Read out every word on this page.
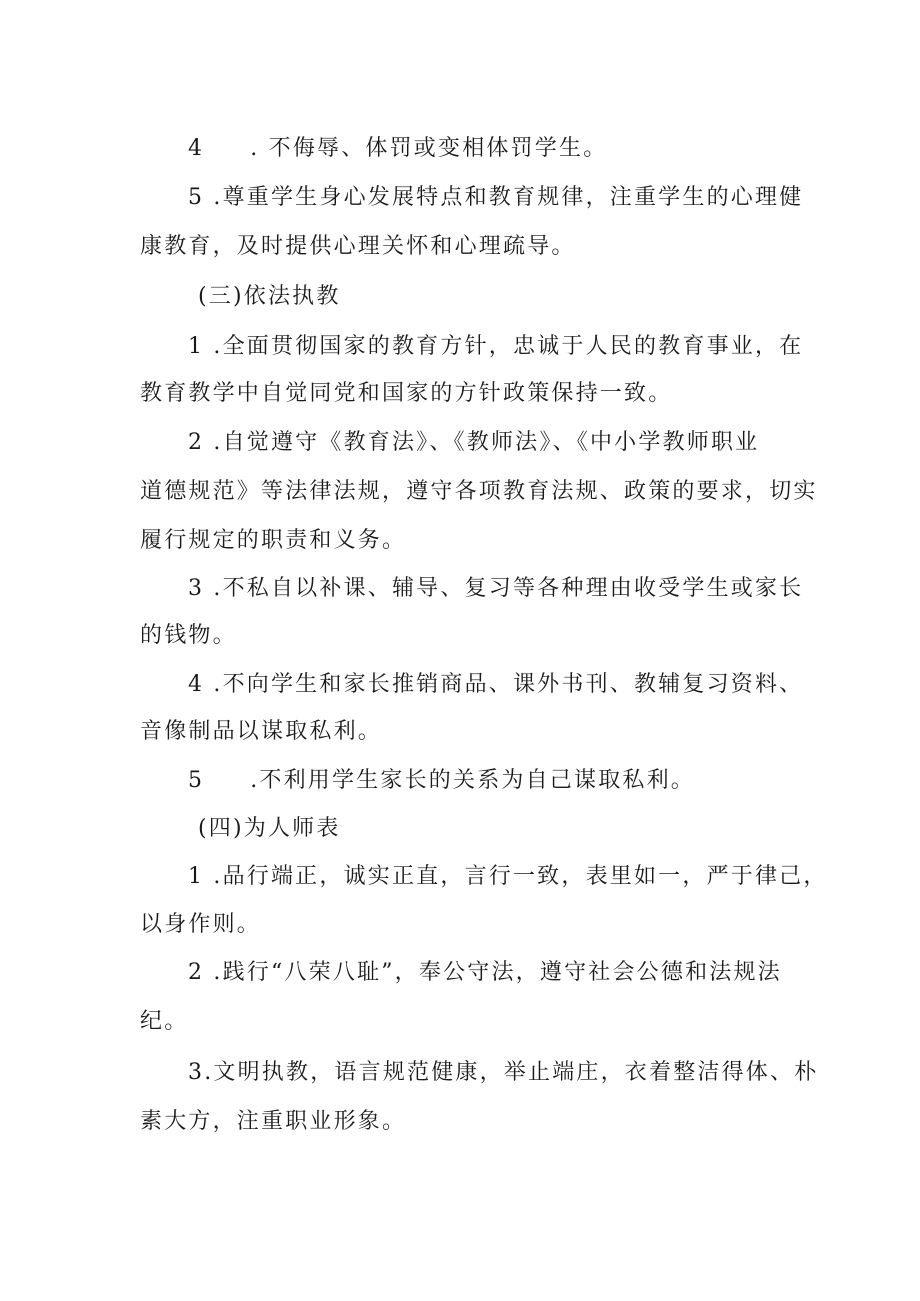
4 . 不侮辱、体罚或变相体罚学生。
5 .尊重学生身心发展特点和教育规律，注重学生的心理健
康教育，及时提供心理关怀和心理疏导。
(三)依法执教
1 .全面贯彻国家的教育方针，忠诚于人民的教育事业，在
教育教学中自觉同党和国家的方针政策保持一致。
2 .自觉遵守《教育法》、《教师法》、《中小学教师职业
道德规范》等法律法规，遵守各项教育法规、政策的要求，切实
履行规定的职责和义务。
3 .不私自以补课、辅导、复习等各种理由收受学生或家长
的钱物。
4 .不向学生和家长推销商品、课外书刊、教辅复习资料、
音像制品以谋取私利。
5 .不利用学生家长的关系为自己谋取私利。
(四)为人师表
1 .品行端正，诚实正直，言行一致，表里如一，严于律己，
以身作则。
2 .践行“八荣八耻”，奉公守法，遵守社会公德和法规法
纪。
3.文明执教，语言规范健康，举止端庄，衣着整洁得体、朴
素大方，注重职业形象。
